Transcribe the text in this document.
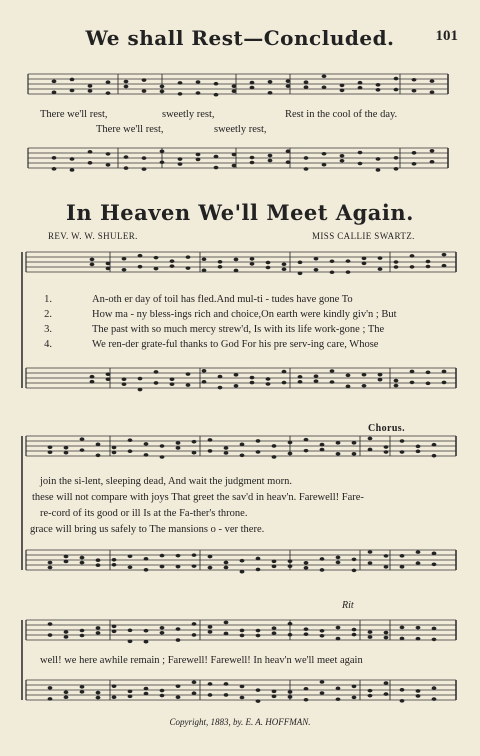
101
We shall Rest—Concluded.
There we'll rest,	sweetly rest,	Rest in the cool of the day.
There we'll rest,	sweetly rest,
In Heaven We'll Meet Again.
REV. W. W. SHULER.	MISS CALLIE SWARTZ.
1.
2.
3.
4.
An-oth er day of toil has fled.And mul-ti - tudes have gone To
How ma - ny bless-ings rich and choice,On earth were kindly giv'n ; But
The past with so much mercy strew'd, Is with its life work-gone ; The
We ren-der grate-ful thanks to God For his pre serv-ing care, Whose
Chorus.
join the si-lent, sleeping dead, And wait the judgment morn.
these will not compare with joys That greet the sav'd in heav'n. Farewell! Fare-
re-cord of its good or ill Is at the Fa-ther's throne.
grace will bring us safely to The mansions o - ver there.
Rit
well! we here awhile remain ; Farewell! Farewell! In heav'n we'll meet again
Copyright, 1883, by. E. A. HOFFMAN.
